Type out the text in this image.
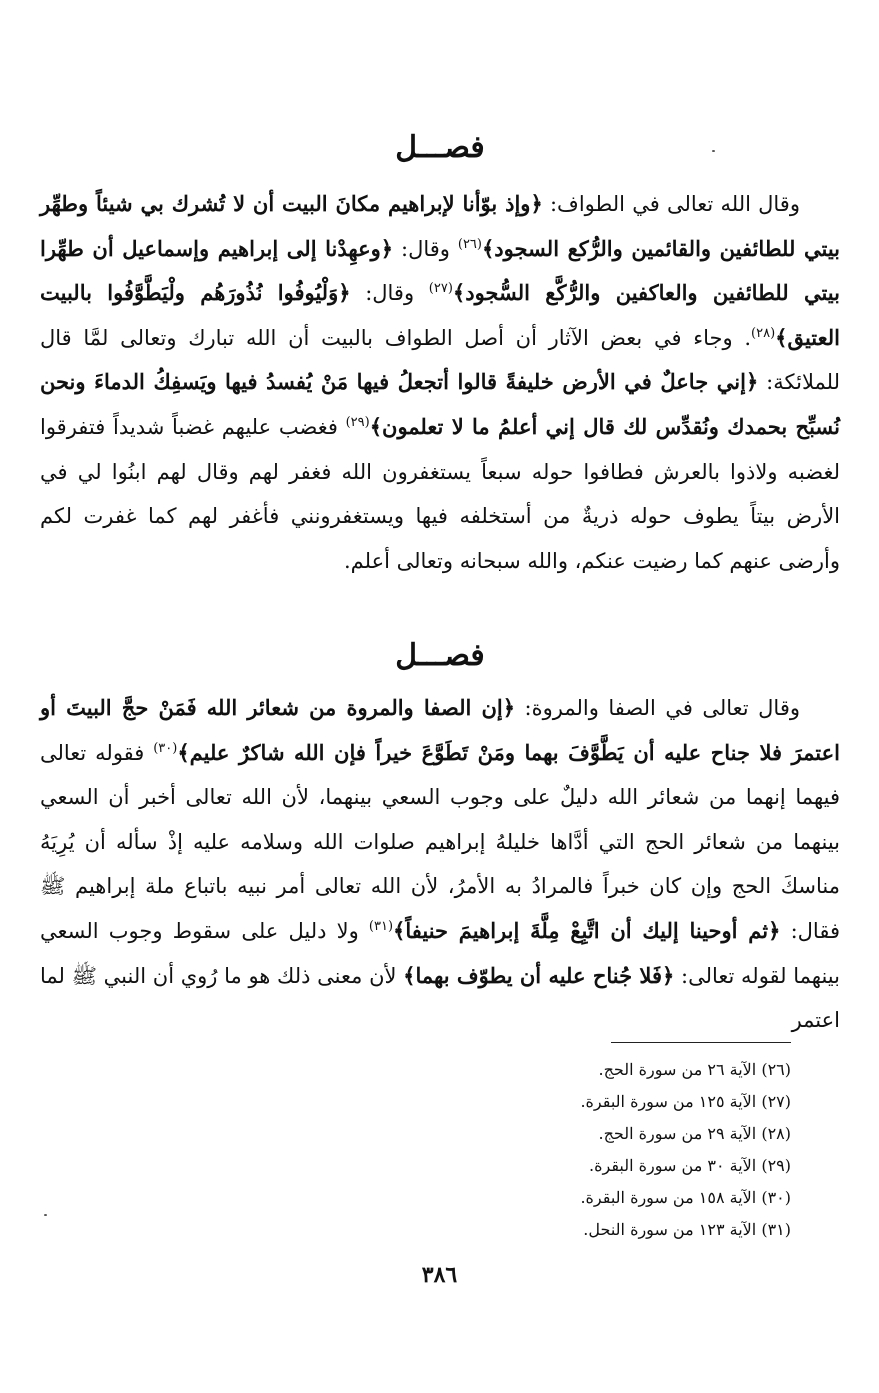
فصـــل

وقال الله تعالى في الطواف: ﴿وإذ بوّأنا لإبراهيم مكانَ البيت أن لا تُشرك بي شيئاً وطهِّر بيتي للطائفين والقائمين والرُّكع السجود﴾$^{(٢٦)}$ وقال: ﴿وعهِدْنا إلى إبراهيم وإسماعيل أن طهِّرا بيتي للطائفين والعاكفين والرُّكَّع السُّجود﴾$^{(٢٧)}$ وقال: ﴿وَلْيُوفُوا نُذُورَهُم ولْيَطَّوَّفُوا بالبيت العتيق﴾$^{(٢٨)}$. وجاء في بعض الآثار أن أصل الطواف بالبيت أن الله تبارك وتعالى لمَّا قال للملائكة: ﴿إني جاعلٌ في الأرض خليفةً قالوا أتجعلُ فيها مَنْ يُفسدُ فيها ويَسفِكُ الدماءَ ونحن نُسبِّح بحمدك ونُقدِّس لك قال إني أعلمُ ما لا تعلمون﴾$^{(٢٩)}$ فغضب عليهم غضباً شديداً فتفرقوا لغضبه ولاذوا بالعرش فطافوا حوله سبعاً يستغفرون الله فغفر لهم وقال لهم ابنُوا لي في الأرض بيتاً يطوف حوله ذريةٌ من أستخلفه فيها ويستغفرونني فأغفر لهم كما غفرت لكم وأرضى عنهم كما رضيت عنكم، والله سبحانه وتعالى أعلم.

فصـــل

وقال تعالى في الصفا والمروة: ﴿إن الصفا والمروة من شعائر الله فَمَنْ حجَّ البيتَ أو اعتمرَ فلا جناح عليه أن يَطَّوَّفَ بهما ومَنْ تَطَوَّعَ خيراً فإن الله شاكرٌ عليم﴾$^{(٣٠)}$ فقوله تعالى فيهما إنهما من شعائر الله دليلٌ على وجوب السعي بينهما، لأن الله تعالى أخبر أن السعي بينهما من شعائر الحج التي أدَّاها خليلهُ إبراهيم صلوات الله وسلامه عليه إذْ سأله أن يُرِيَهُ مناسكَ الحج وإن كان خبراً فالمرادُ به الأمرُ، لأن الله تعالى أمر نبيه باتباع ملة إبراهيم ﷺ فقال: ﴿ثم أوحينا إليك أن اتَّبِعْ مِلَّةَ إبراهيمَ حنيفاً﴾$^{(٣١)}$ ولا دليل على سقوط وجوب السعي بينهما لقوله تعالى: ﴿فَلا جُناح عليه أن يطوّف بهما﴾ لأن معنى ذلك هو ما رُوي أن النبي ﷺ لما اعتمر

(٢٦) الآية ٢٦ من سورة الحج.
(٢٧) الآية ١٢٥ من سورة البقرة.
(٢٨) الآية ٢٩ من سورة الحج.
(٢٩) الآية ٣٠ من سورة البقرة.
(٣٠) الآية ١٥٨ من سورة البقرة.
(٣١) الآية ١٢٣ من سورة النحل.

٣٨٦
